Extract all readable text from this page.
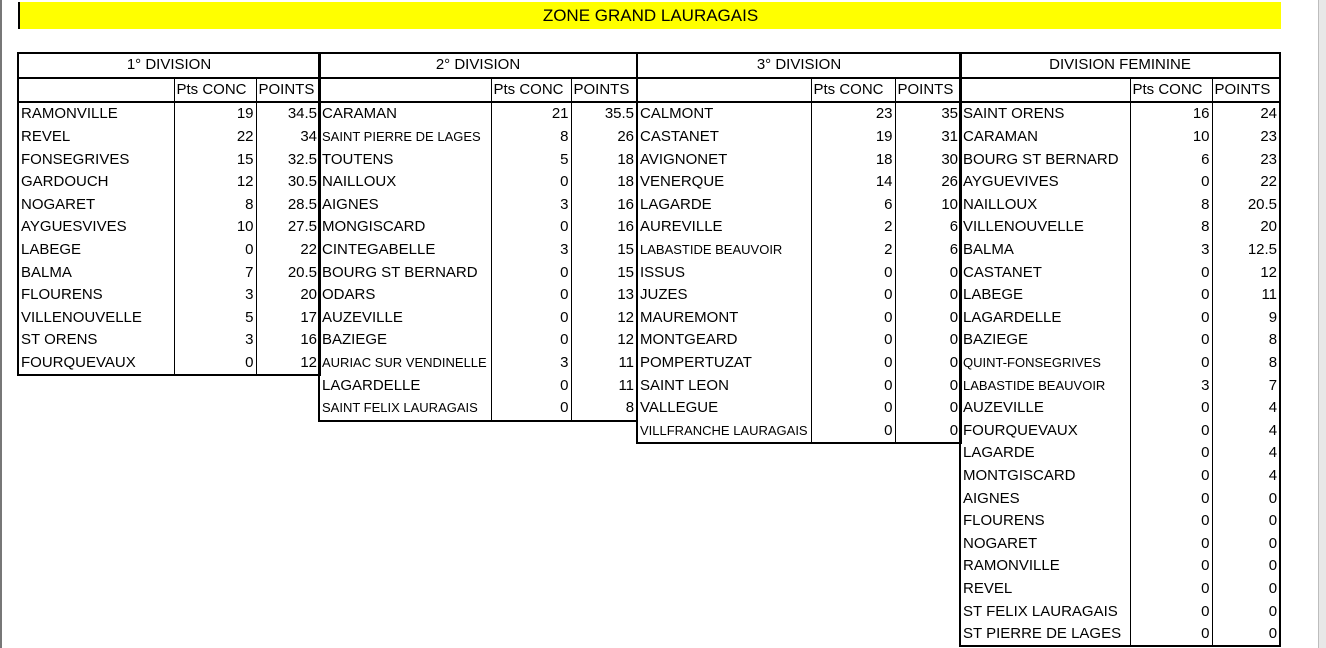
ZONE GRAND LAURAGAIS
1° DIVISION		
	Pts CONC	POINTS
RAMONVILLE	19	34.5
REVEL	22	34
FONSEGRIVES	15	32.5
GARDOUCH	12	30.5
NOGARET	8	28.5
AYGUESVIVES	10	27.5
LABEGE	0	22
BALMA	7	20.5
FLOURENS	3	20
VILLENOUVELLE	5	17
ST ORENS	3	16
FOURQUEVAUX	0	12
2° DIVISION		
	Pts CONC	POINTS
CARAMAN	21	35.5
SAINT PIERRE DE LAGES	8	26
TOUTENS	5	18
NAILLOUX	0	18
AIGNES	3	16
MONGISCARD	0	16
CINTEGABELLE	3	15
BOURG ST BERNARD	0	15
ODARS	0	13
AUZEVILLE	0	12
BAZIEGE	0	12
AURIAC SUR VENDINELLE	3	11
LAGARDELLE	0	11
SAINT FELIX LAURAGAIS	0	8
3° DIVISION		
	Pts CONC	POINTS
CALMONT	23	35
CASTANET	19	31
AVIGNONET	18	30
VENERQUE	14	26
LAGARDE	6	10
AUREVILLE	2	6
LABASTIDE BEAUVOIR	2	6
ISSUS	0	0
JUZES	0	0
MAUREMONT	0	0
MONTGEARD	0	0
POMPERTUZAT	0	0
SAINT LEON	0	0
VALLEGUE	0	0
VILLFRANCHE LAURAGAIS	0	0
DIVISION FEMININE		
	Pts CONC	POINTS
SAINT ORENS	16	24
CARAMAN	10	23
BOURG ST BERNARD	6	23
AYGUEVIVES	0	22
NAILLOUX	8	20.5
VILLENOUVELLE	8	20
BALMA	3	12.5
CASTANET	0	12
LABEGE	0	11
LAGARDELLE	0	9
BAZIEGE	0	8
QUINT-FONSEGRIVES	0	8
LABASTIDE BEAUVOIR	3	7
AUZEVILLE	0	4
FOURQUEVAUX	0	4
LAGARDE	0	4
MONTGISCARD	0	4
AIGNES	0	0
FLOURENS	0	0
NOGARET	0	0
RAMONVILLE	0	0
REVEL	0	0
ST FELIX LAURAGAIS	0	0
ST PIERRE DE LAGES	0	0
